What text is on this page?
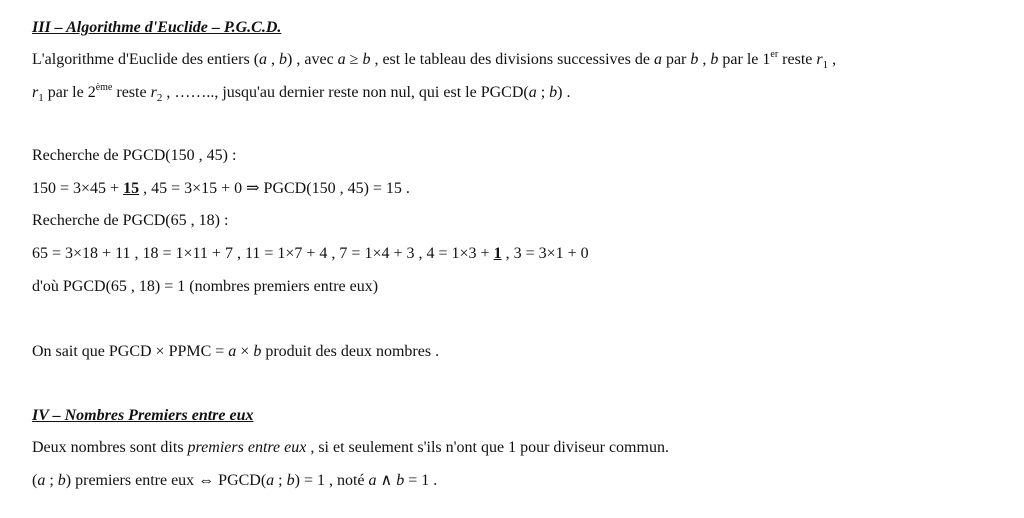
III – Algorithme d'Euclide – P.G.C.D.
L'algorithme d'Euclide des entiers (a , b) , avec a ≥ b , est le tableau des divisions successives de a par b , b par le 1er reste $r_1$ ,
$r_1$ par le 2ème reste $r_2$ , …….., jusqu'au dernier reste non nul, qui est le PGCD(a ; b) .
Recherche de PGCD(150 , 45) :
150 = 3×45 + 15 , 45 = 3×15 + 0 ⇒ PGCD(150 , 45) = 15 .
Recherche de PGCD(65 , 18) :
65 = 3×18 + 11 , 18 = 1×11 + 7 , 11 = 1×7 + 4 , 7 = 1×4 + 3 , 4 = 1×3 + 1 , 3 = 3×1 + 0
d'où PGCD(65 , 18) = 1 (nombres premiers entre eux)
On sait que PGCD × PPMC = a × b produit des deux nombres .
IV – Nombres Premiers entre eux
Deux nombres sont dits premiers entre eux , si et seulement s'ils n'ont que 1 pour diviseur commun.
(a ; b) premiers entre eux ⇔ PGCD(a ; b) = 1 , noté a ∧ b = 1 .
